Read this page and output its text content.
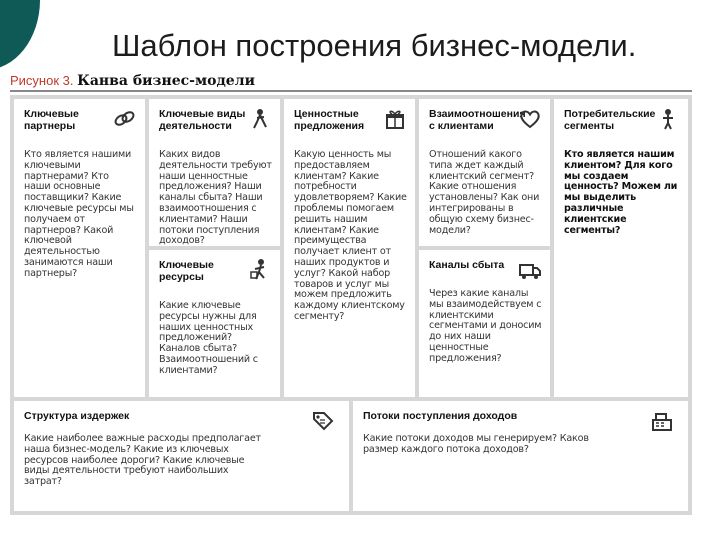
Шаблон построения бизнес-модели.
Рисунок 3. Канва бизнес-модели
Ключевые партнеры
Кто является нашими ключевыми партнерами? Кто наши основные поставщики? Какие ключевые ресурсы мы получаем от партнеров? Какой ключевой деятельностью занимаются наши партнеры?
Ключевые виды деятельности
Каких видов деятельности требуют наши ценностные предложения? Наши каналы сбыта? Наши взаимоотношения с клиентами? Наши потоки поступления доходов?
Ключевые ресурсы
Какие ключевые ресурсы нужны для наших ценностных предложений? Каналов сбыта? Взаимоотношений с клиентами?
Ценностные предложения
Какую ценность мы предоставляем клиентам? Какие потребности удовлетворяем? Какие проблемы помогаем решить нашим клиентам? Какие преимущества получает клиент от наших продуктов и услуг? Какой набор товаров и услуг мы можем предложить каждому клиентскому сегменту?
Взаимоотношения с клиентами
Отношений какого типа ждет каждый клиентский сегмент? Какие отношения установлены? Как они интегрированы в общую схему бизнес-модели?
Каналы сбыта
Через какие каналы мы взаимодействуем с клиентскими сегментами и доносим до них наши ценностные предложения?
Потребительские сегменты
Кто является нашим клиентом? Для кого мы создаем ценность? Можем ли мы выделить различные клиентские сегменты?
Структура издержек
Какие наиболее важные расходы предполагает наша бизнес-модель? Какие из ключевых ресурсов наиболее дороги? Какие ключевые виды деятельности требуют наибольших затрат?
Потоки поступления доходов
Какие потоки доходов мы генерируем? Каков размер каждого потока доходов?
